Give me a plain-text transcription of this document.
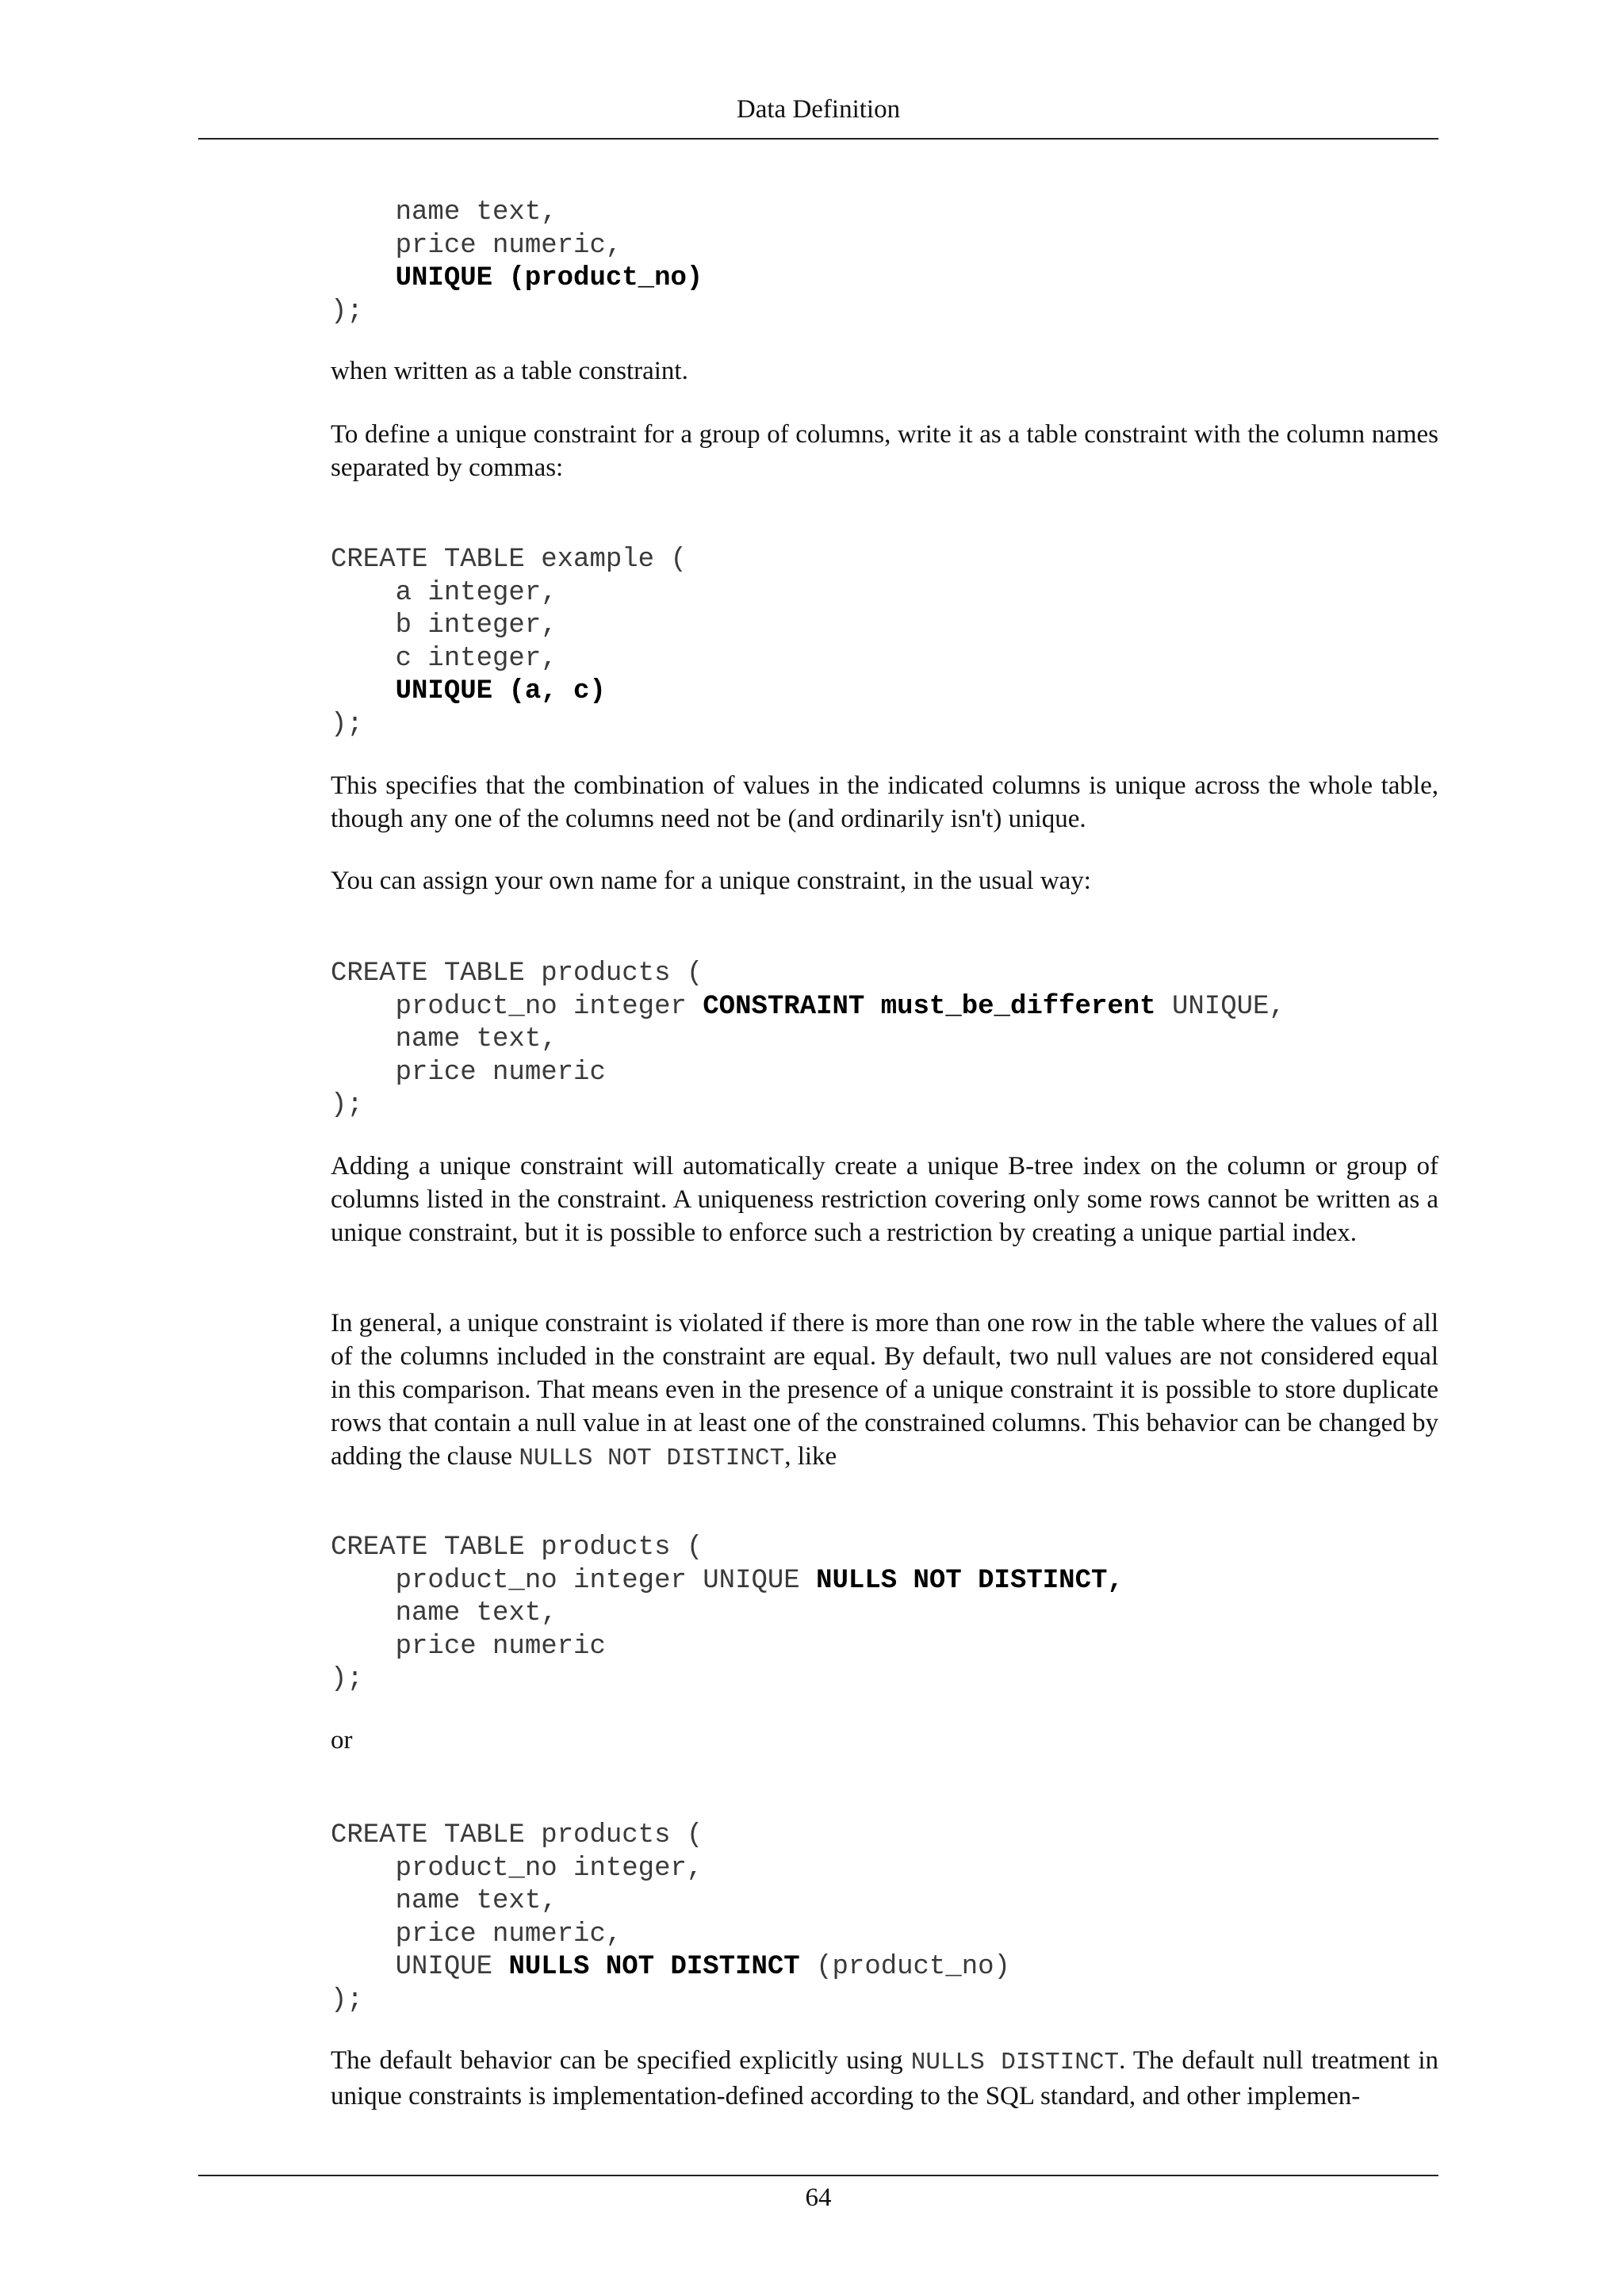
Data Definition
name text,
price numeric,
UNIQUE (product_no)
);

when written as a table constraint.

To define a unique constraint for a group of columns, write it as a table constraint with the column names separated by commas:

CREATE TABLE example (
a integer,
b integer,
c integer,
UNIQUE (a, c)
);

This specifies that the combination of values in the indicated columns is unique across the whole table, though any one of the columns need not be (and ordinarily isn't) unique.

You can assign your own name for a unique constraint, in the usual way:

CREATE TABLE products (
product_no integer CONSTRAINT must_be_different UNIQUE,
name text,
price numeric
);

Adding a unique constraint will automatically create a unique B-tree index on the column or group of columns listed in the constraint. A uniqueness restriction covering only some rows cannot be written as a unique constraint, but it is possible to enforce such a restriction by creating a unique partial index.

In general, a unique constraint is violated if there is more than one row in the table where the values of all of the columns included in the constraint are equal. By default, two null values are not considered equal in this comparison. That means even in the presence of a unique constraint it is possible to store duplicate rows that contain a null value in at least one of the constrained columns. This behavior can be changed by adding the clause NULLS NOT DISTINCT, like

CREATE TABLE products (
product_no integer UNIQUE NULLS NOT DISTINCT,
name text,
price numeric
);

or

CREATE TABLE products (
product_no integer,
name text,
price numeric,
UNIQUE NULLS NOT DISTINCT (product_no)
);

The default behavior can be specified explicitly using NULLS DISTINCT. The default null treatment in unique constraints is implementation-defined according to the SQL standard, and other implemen-

64
